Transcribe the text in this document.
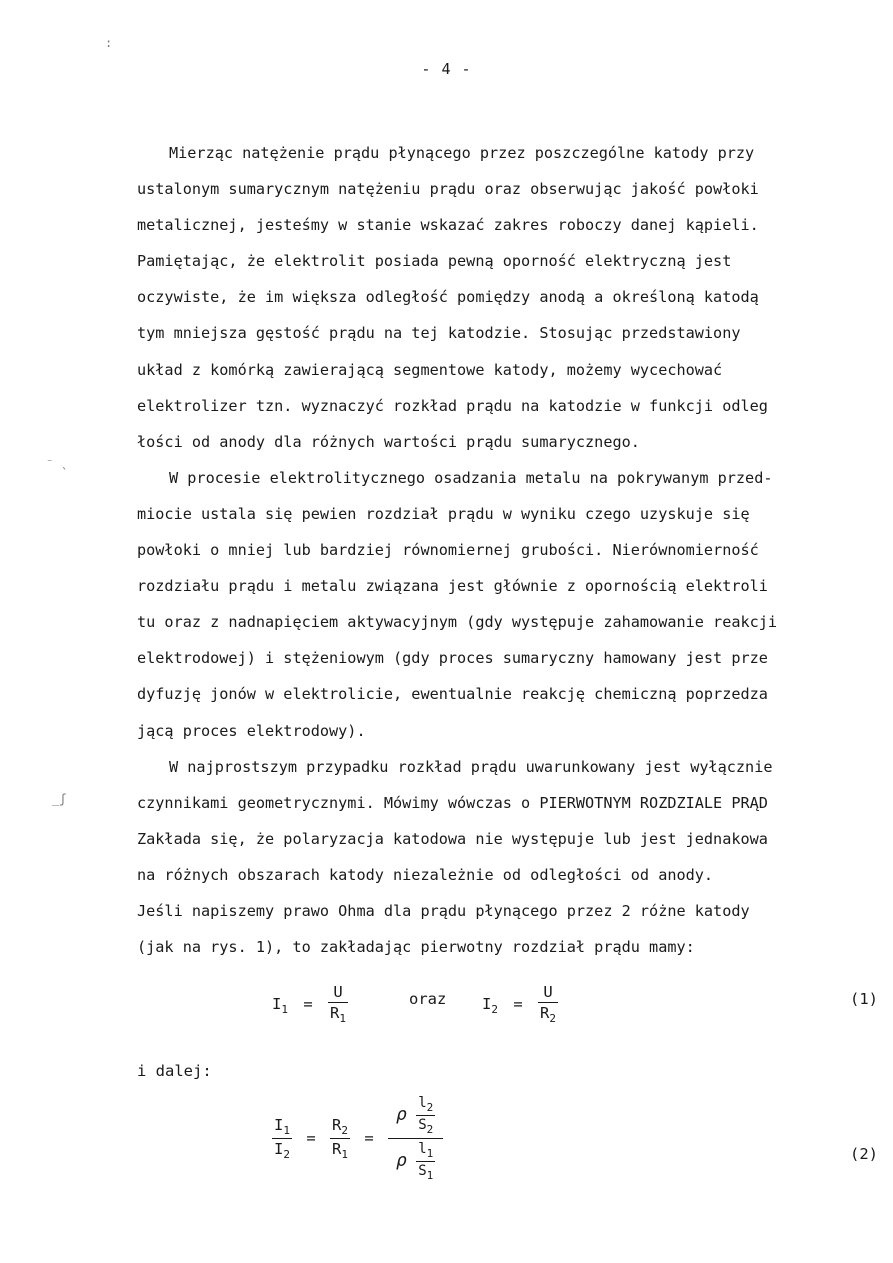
- 4 -
:
⁻ ˎ
_ʃ
Mierząc natężenie prądu płynącego przez poszczególne katody przy
ustalonym sumarycznym natężeniu prądu oraz obserwując jakość powłoki
metalicznej, jesteśmy w stanie wskazać zakres roboczy danej kąpieli.
Pamiętając, że elektrolit posiada pewną oporność elektryczną jest
oczywiste, że im większa odległość pomiędzy anodą a określoną katodą
tym mniejsza gęstość prądu na tej katodzie. Stosując przedstawiony
układ z komórką zawierającą segmentowe katody, możemy wycechować
elektrolizer tzn. wyznaczyć rozkład prądu na katodzie w funkcji odleg
łości od anody dla różnych wartości prądu sumarycznego.
W procesie elektrolitycznego osadzania metalu na pokrywanym przed-
miocie ustala się pewien rozdział prądu w wyniku czego uzyskuje się
powłoki o mniej lub bardziej równomiernej grubości. Nierównomierność
rozdziału prądu i metalu związana jest głównie z opornością elektroli
tu oraz z nadnapięciem aktywacyjnym (gdy występuje zahamowanie reakcji
elektrodowej) i stężeniowym (gdy proces sumaryczny hamowany jest prze
dyfuzję jonów w elektrolicie, ewentualnie reakcję chemiczną poprzedza
jącą proces elektrodowy).
W najprostszym przypadku rozkład prądu uwarunkowany jest wyłącznie
czynnikami geometrycznymi. Mówimy wówczas o PIERWOTNYM ROZDZIALE PRĄD
Zakłada się, że polaryzacja katodowa nie występuje lub jest jednakowa
na różnych obszarach katody niezależnie od odległości od anody.
Jeśli napiszemy prawo Ohma dla prądu płynącego przez 2 różne katody
(jak na rys. 1), to zakładając pierwotny rozdział prądu mamy:
$I_1 = \frac{U}{R_1}$	oraz $I_2 = \frac{U}{R_2}$	(1)
i dalej:
$\frac{I_1}{I_2} = \frac{R_2}{R_1} = \frac{\rho \frac{l_2}{S_2}}{\rho \frac{l_1}{S_1}}$	(2)
